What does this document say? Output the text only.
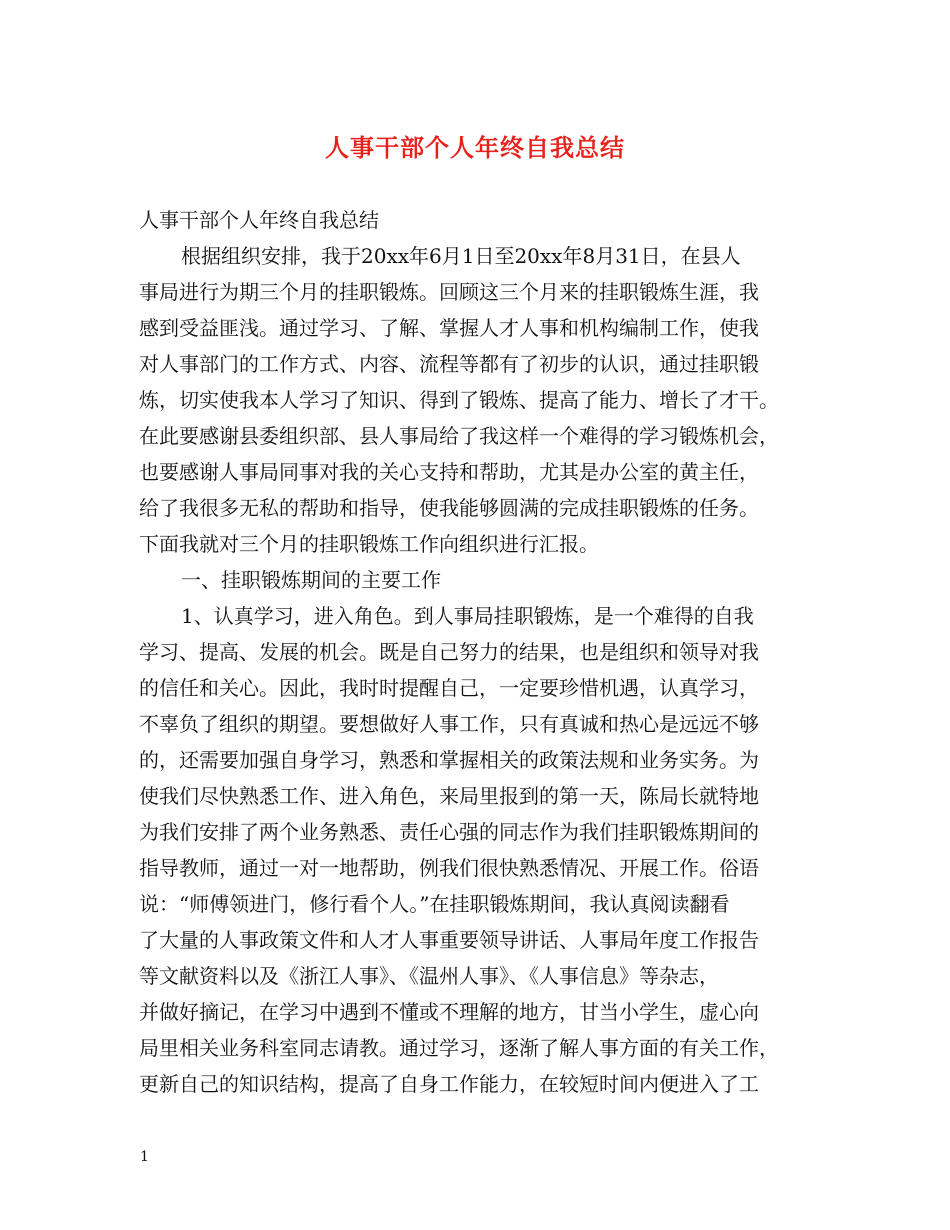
人事干部个人年终自我总结
人事干部个人年终自我总结
根据组织安排，我于20xx年6月1日至20xx年8月31日，在县人
事局进行为期三个月的挂职锻炼。回顾这三个月来的挂职锻炼生涯，我
感到受益匪浅。通过学习、了解、掌握人才人事和机构编制工作，使我
对人事部门的工作方式、内容、流程等都有了初步的认识，通过挂职锻
炼，切实使我本人学习了知识、得到了锻炼、提高了能力、增长了才干。
在此要感谢县委组织部、县人事局给了我这样一个难得的学习锻炼机会，
也要感谢人事局同事对我的关心支持和帮助，尤其是办公室的黄主任，
给了我很多无私的帮助和指导，使我能够圆满的完成挂职锻炼的任务。
下面我就对三个月的挂职锻炼工作向组织进行汇报。
一、挂职锻炼期间的主要工作
1、认真学习，进入角色。到人事局挂职锻炼，是一个难得的自我
学习、提高、发展的机会。既是自己努力的结果，也是组织和领导对我
的信任和关心。因此，我时时提醒自己，一定要珍惜机遇，认真学习，
不辜负了组织的期望。要想做好人事工作，只有真诚和热心是远远不够
的，还需要加强自身学习，熟悉和掌握相关的政策法规和业务实务。为
使我们尽快熟悉工作、进入角色，来局里报到的第一天，陈局长就特地
为我们安排了两个业务熟悉、责任心强的同志作为我们挂职锻炼期间的
指导教师，通过一对一地帮助，例我们很快熟悉情况、开展工作。俗语
说：“师傅领进门，修行看个人。”在挂职锻炼期间，我认真阅读翻看
了大量的人事政策文件和人才人事重要领导讲话、人事局年度工作报告
等文献资料以及《浙江人事》、《温州人事》、《人事信息》等杂志，
并做好摘记，在学习中遇到不懂或不理解的地方，甘当小学生，虚心向
局里相关业务科室同志请教。通过学习，逐渐了解人事方面的有关工作，
更新自己的知识结构，提高了自身工作能力，在较短时间内便进入了工
1
